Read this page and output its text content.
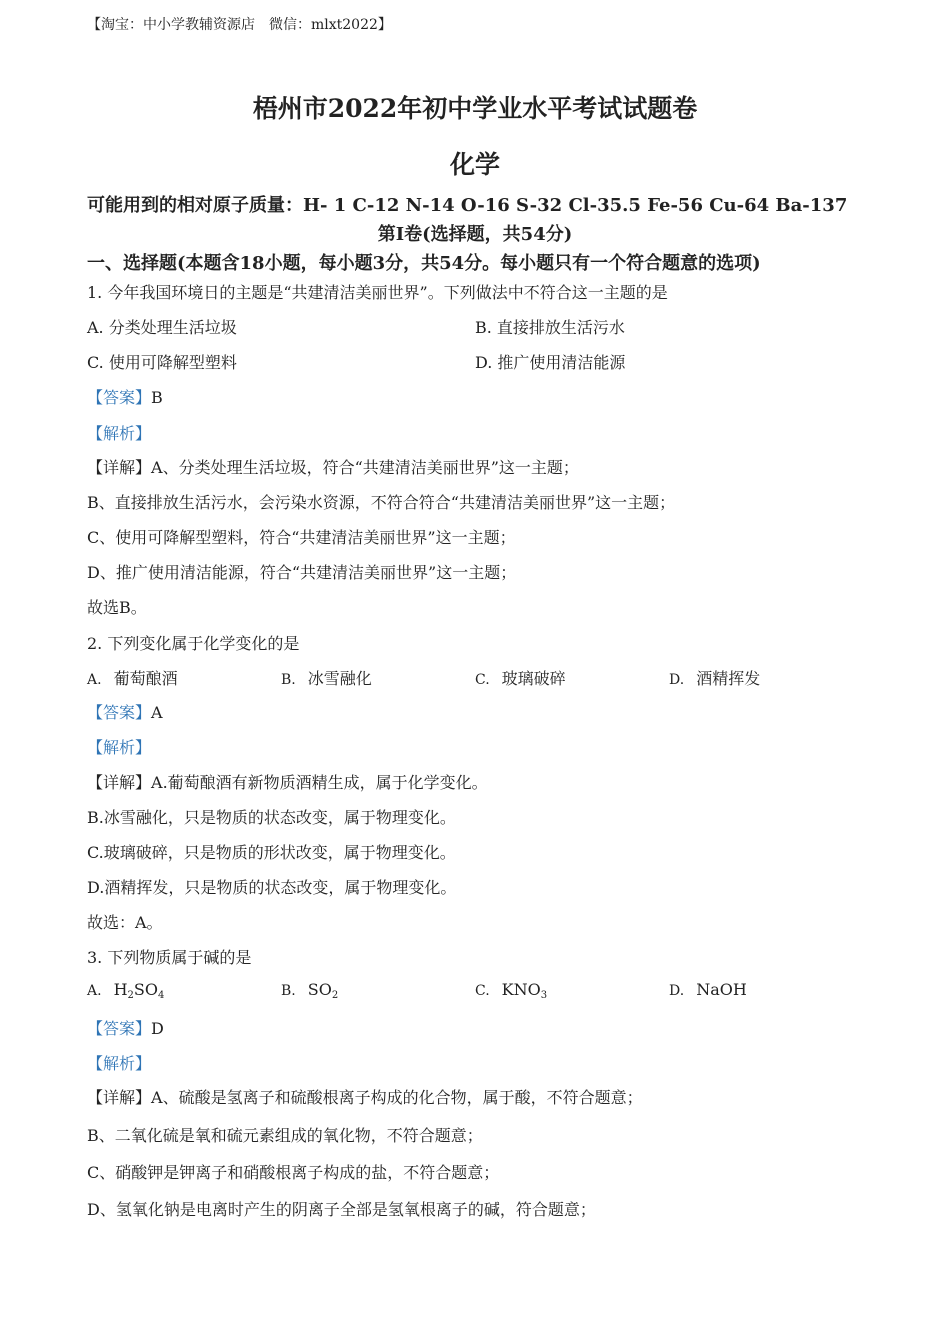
【淘宝：中小学教辅资源店　微信：mlxt2022】
梧州市2022年初中学业水平考试试题卷
化学
可能用到的相对原子质量：H- 1 C-12 N-14 O-16 S-32 Cl-35.5 Fe-56 Cu-64 Ba-137
第Ⅰ卷(选择题，共54分)
一、选择题(本题含18小题，每小题3分，共54分。每小题只有一个符合题意的选项)
1. 今年我国环境日的主题是“共建清洁美丽世界”。下列做法中不符合这一主题的是
A. 分类处理生活垃圾	B. 直接排放生活污水
C. 使用可降解型塑料	D. 推广使用清洁能源
【答案】B
【解析】
【详解】A、分类处理生活垃圾，符合“共建清洁美丽世界”这一主题；
B、直接排放生活污水，会污染水资源，不符合符合“共建清洁美丽世界”这一主题；
C、使用可降解型塑料，符合“共建清洁美丽世界”这一主题；
D、推广使用清洁能源，符合“共建清洁美丽世界”这一主题；
故选B。
2. 下列变化属于化学变化的是
A. 葡萄酿酒	B. 冰雪融化	C. 玻璃破碎	D. 酒精挥发
【答案】A
【解析】
【详解】A.葡萄酿酒有新物质酒精生成，属于化学变化。
B.冰雪融化，只是物质的状态改变，属于物理变化。
C.玻璃破碎，只是物质的形状改变，属于物理变化。
D.酒精挥发，只是物质的状态改变，属于物理变化。
故选：A。
3. 下列物质属于碱的是
A. $H_2SO_4$	B. $SO_2$	C. $KNO_3$	D. NaOH
【答案】D
【解析】
【详解】A、硫酸是氢离子和硫酸根离子构成的化合物，属于酸，不符合题意；
B、二氧化硫是氧和硫元素组成的氧化物，不符合题意；
C、硝酸钾是钾离子和硝酸根离子构成的盐，不符合题意；
D、氢氧化钠是电离时产生的阴离子全部是氢氧根离子的碱，符合题意；
